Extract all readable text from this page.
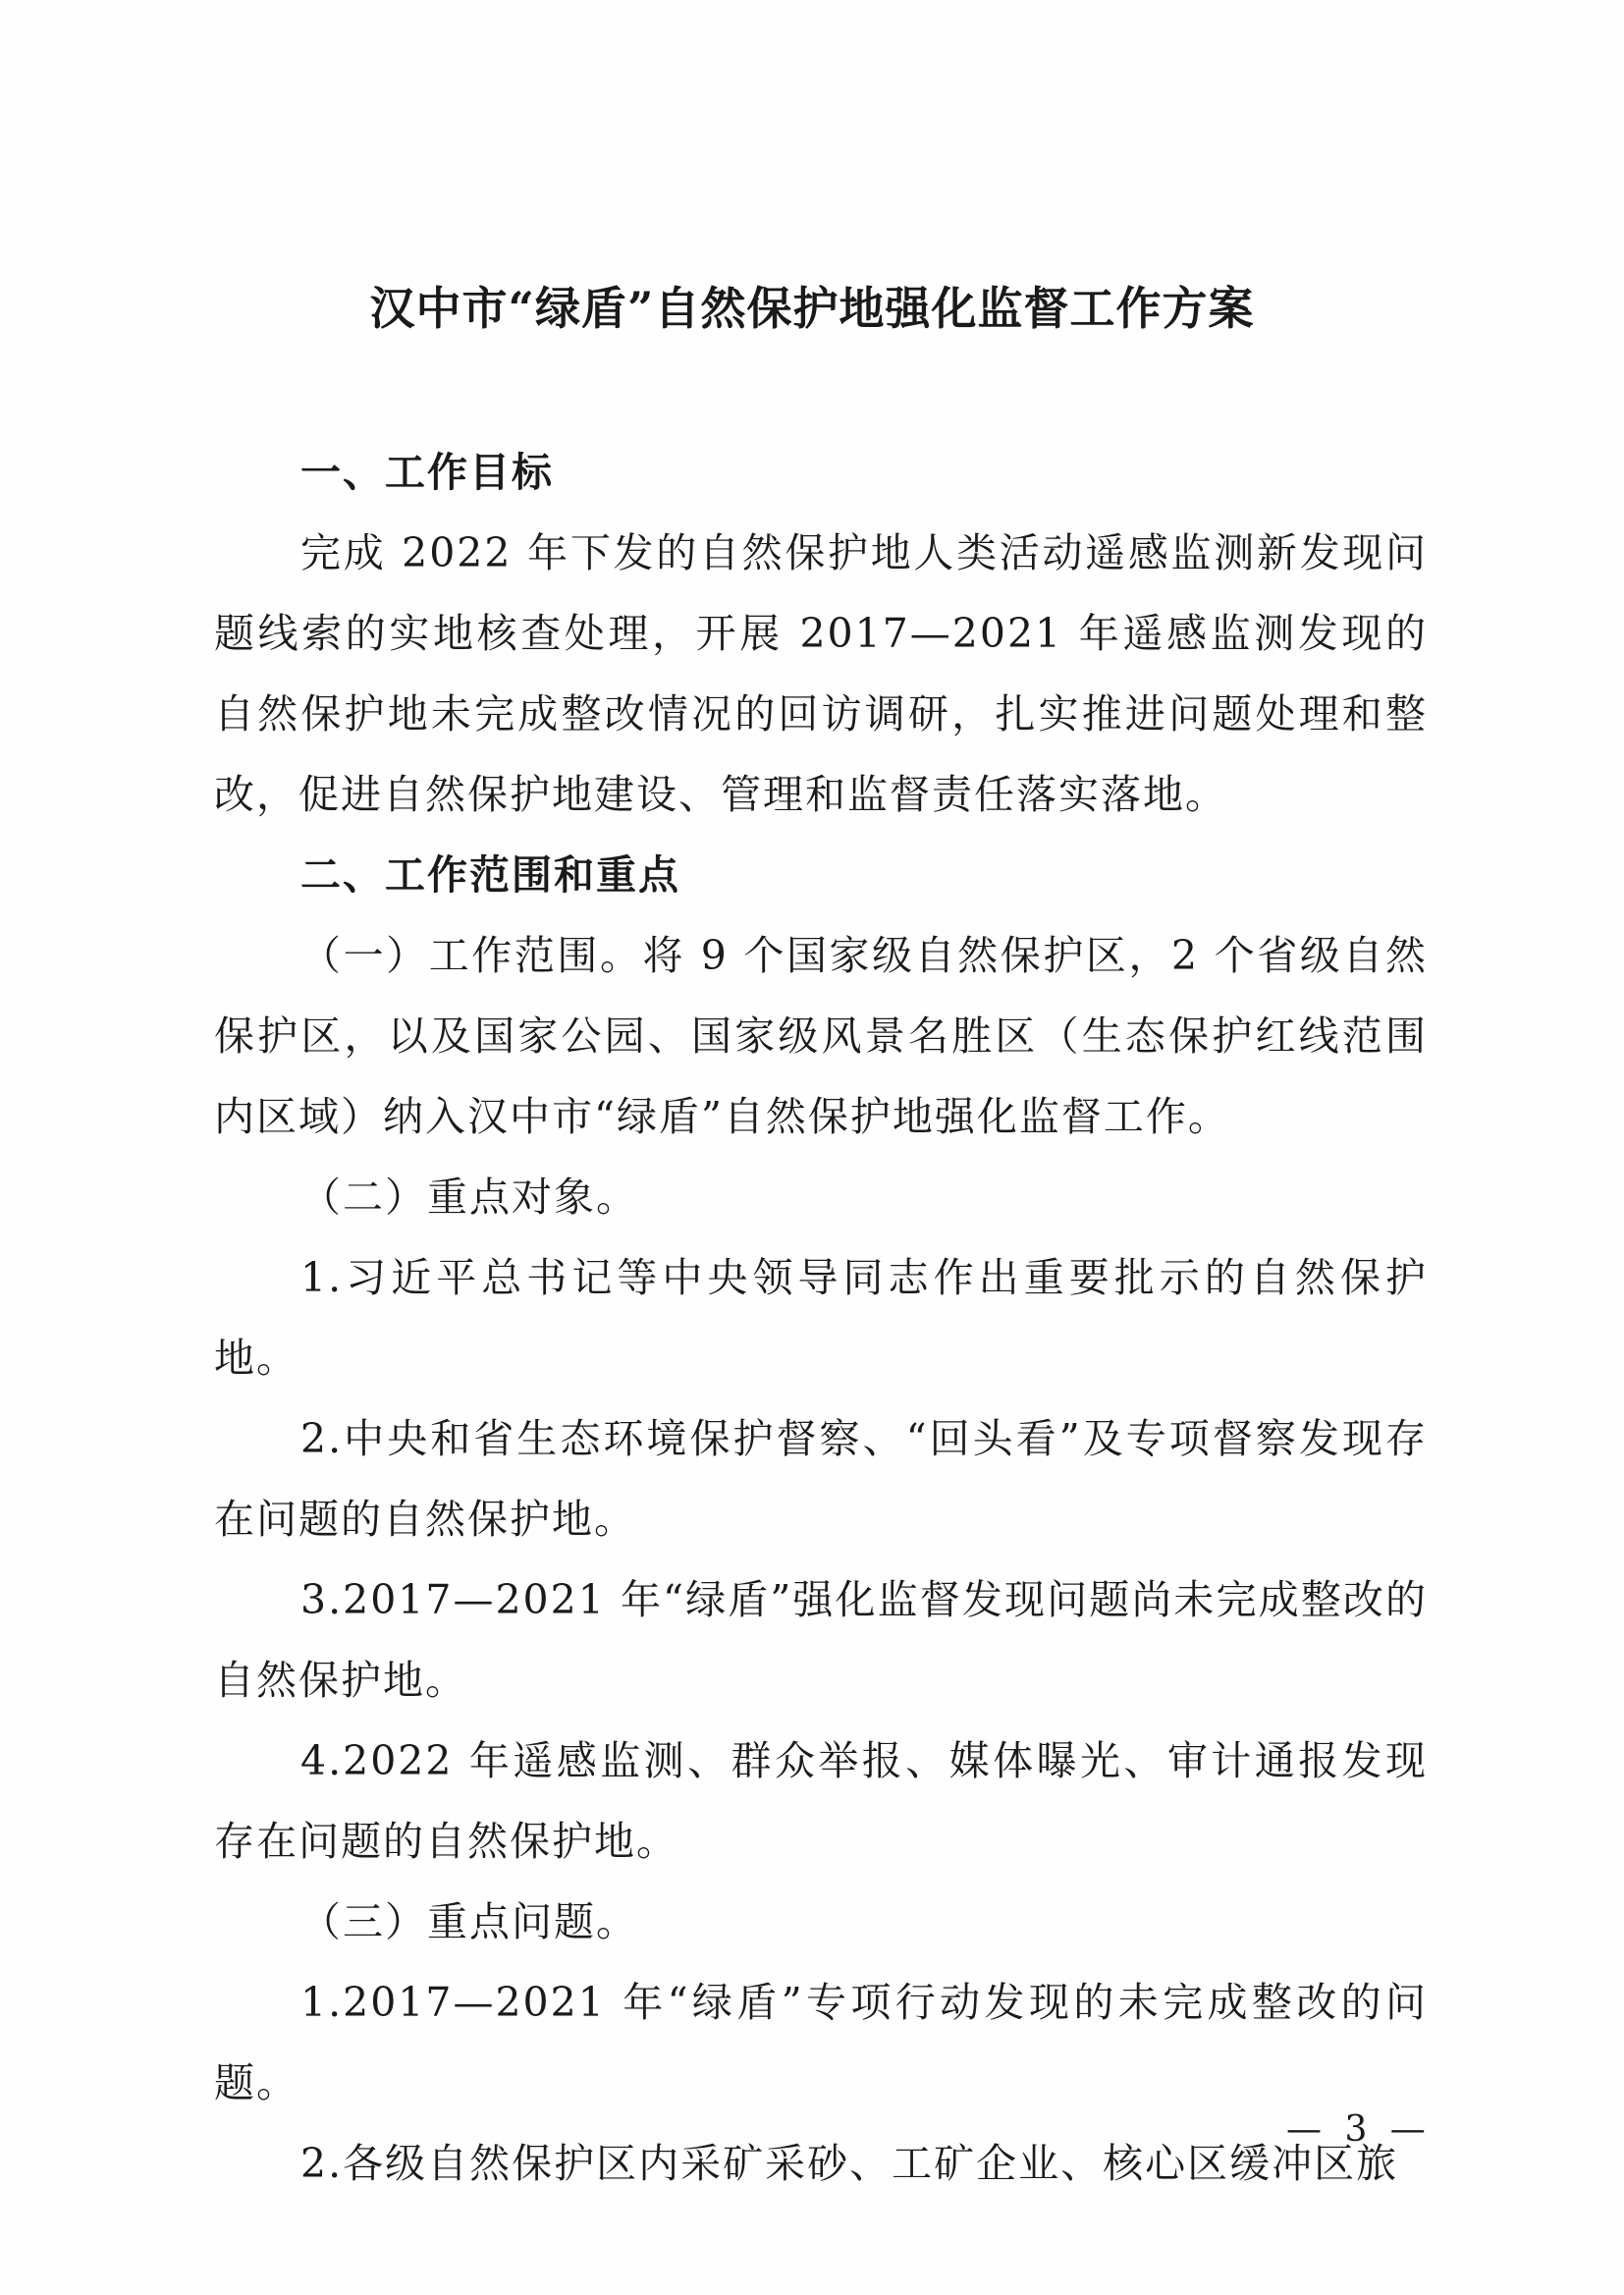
汉中市“绿盾”自然保护地强化监督工作方案
一、工作目标

完成 2022 年下发的自然保护地人类活动遥感监测新发现问题线索的实地核查处理，开展 2017—2021 年遥感监测发现的自然保护地未完成整改情况的回访调研，扎实推进问题处理和整改，促进自然保护地建设、管理和监督责任落实落地。

二、工作范围和重点

（一）工作范围。将 9 个国家级自然保护区，2 个省级自然保护区，以及国家公园、国家级风景名胜区（生态保护红线范围内区域）纳入汉中市“绿盾”自然保护地强化监督工作。

（二）重点对象。

1.习近平总书记等中央领导同志作出重要批示的自然保护地。

2.中央和省生态环境保护督察、“回头看”及专项督察发现存在问题的自然保护地。

3.2017—2021 年“绿盾”强化监督发现问题尚未完成整改的自然保护地。

4.2022 年遥感监测、群众举报、媒体曝光、审计通报发现存在问题的自然保护地。

（三）重点问题。

1.2017—2021 年“绿盾”专项行动发现的未完成整改的问题。

2.各级自然保护区内采矿采砂、工矿企业、核心区缓冲区旅

— 3 —
